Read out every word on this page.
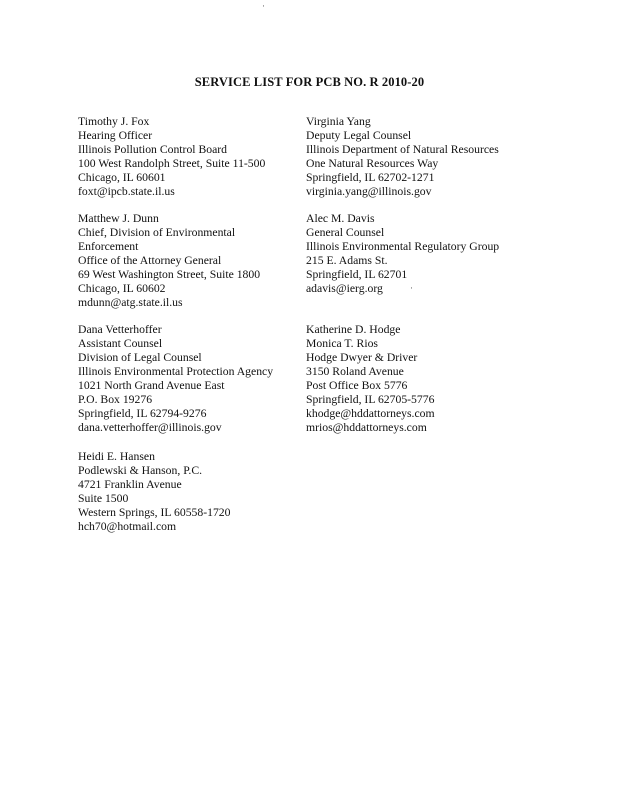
·
SERVICE LIST FOR PCB NO. R 2010-20
Timothy J. Fox
Hearing Officer
Illinois Pollution Control Board
100 West Randolph Street, Suite 11-500
Chicago, IL 60601
foxt@ipcb.state.il.us
Virginia Yang
Deputy Legal Counsel
Illinois Department of Natural Resources
One Natural Resources Way
Springfield, IL 62702-1271
virginia.yang@illinois.gov
Matthew J. Dunn
Chief, Division of Environmental
Enforcement
Office of the Attorney General
69 West Washington Street, Suite 1800
Chicago, IL 60602
mdunn@atg.state.il.us
Alec M. Davis
General Counsel
Illinois Environmental Regulatory Group
215 E. Adams St.
Springfield, IL 62701
adavis@ierg.org	·
Dana Vetterhoffer
Assistant Counsel
Division of Legal Counsel
Illinois Environmental Protection Agency
1021 North Grand Avenue East
P.O. Box 19276
Springfield, IL 62794-9276
dana.vetterhoffer@illinois.gov
Katherine D. Hodge
Monica T. Rios
Hodge Dwyer & Driver
3150 Roland Avenue
Post Office Box 5776
Springfield, IL 62705-5776
khodge@hddattorneys.com
mrios@hddattorneys.com
Heidi E. Hansen
Podlewski & Hanson, P.C.
4721 Franklin Avenue
Suite 1500
Western Springs, IL 60558-1720
hch70@hotmail.com
